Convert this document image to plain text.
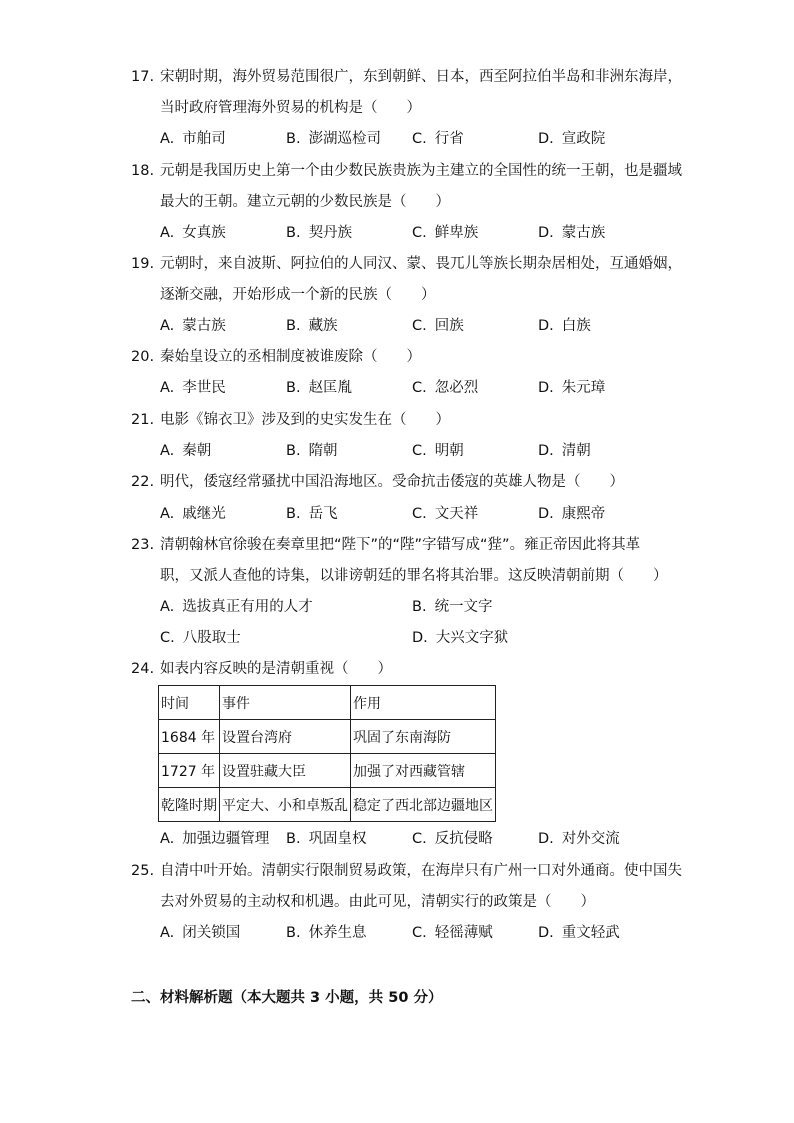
17. 宋朝时期，海外贸易范围很广，东到朝鲜、日本，西至阿拉伯半岛和非洲东海岸，
当时政府管理海外贸易的机构是（　　）
A. 市舶司	B. 澎湖巡检司 C. 行省	D. 宣政院
18. 元朝是我国历史上第一个由少数民族贵族为主建立的全国性的统一王朝，也是疆域
最大的王朝。建立元朝的少数民族是（　　）
A. 女真族	B. 契丹族	C. 鲜卑族	D. 蒙古族
19. 元朝时，来自波斯、阿拉伯的人同汉、蒙、畏兀儿等族长期杂居相处，互通婚姻，
逐渐交融，开始形成一个新的民族（　　）
A. 蒙古族	B. 藏族	C. 回族	D. 白族
20. 秦始皇设立的丞相制度被谁废除（　　）
A. 李世民	B. 赵匡胤	C. 忽必烈	D. 朱元璋
21. 电影《锦衣卫》涉及到的史实发生在（　　）
A. 秦朝	B. 隋朝	C. 明朝	D. 清朝
22. 明代，倭寇经常骚扰中国沿海地区。受命抗击倭寇的英雄人物是（　　）
A. 戚继光	B. 岳飞	C. 文天祥	D. 康熙帝
23. 清朝翰林官徐骏在奏章里把“陛下”的“陛”字错写成“狴”。雍正帝因此将其革
职，又派人查他的诗集，以诽谤朝廷的罪名将其治罪。这反映清朝前期（　　）
A. 选拔真正有用的人才	B. 统一文字
C. 八股取士	D. 大兴文字狱
24. 如表内容反映的是清朝重视（　　）
时间	事件	作用
1684 年	设置台湾府	巩固了东南海防
1727 年	设置驻藏大臣	加强了对西藏管辖
乾隆时期	平定大、小和卓叛乱	稳定了西北部边疆地区
A. 加强边疆管理 B. 巩固皇权	C. 反抗侵略	D. 对外交流
25. 自清中叶开始。清朝实行限制贸易政策，在海岸只有广州一口对外通商。使中国失
去对外贸易的主动权和机遇。由此可见，清朝实行的政策是（　　）
A. 闭关锁国	B. 休养生息	C. 轻徭薄赋	D. 重文轻武
二、材料解析题（本大题共 3 小题，共 50 分）
